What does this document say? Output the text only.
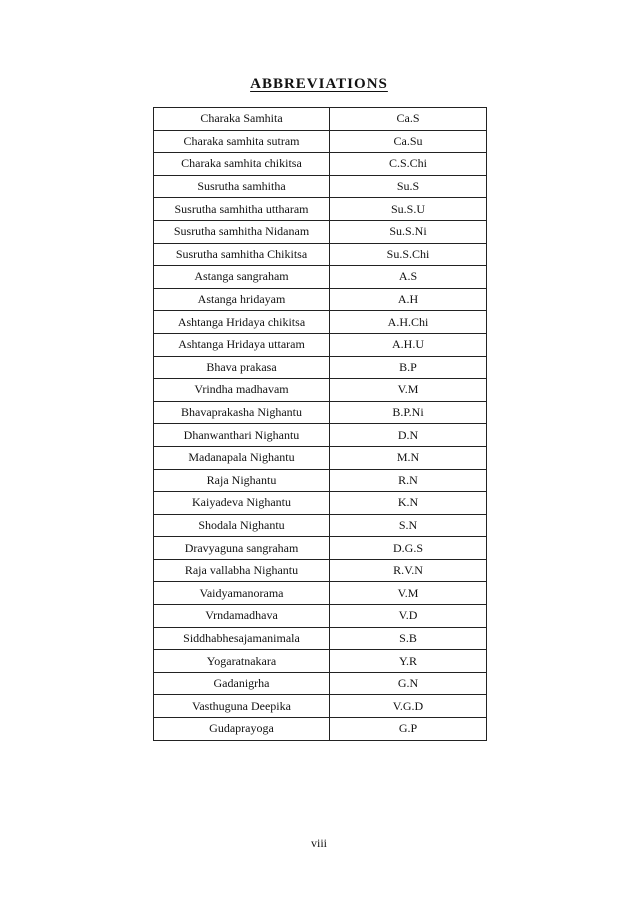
ABBREVIATIONS
Charaka Samhita	Ca.S
Charaka samhita sutram	Ca.Su
Charaka samhita chikitsa	C.S.Chi
Susrutha samhitha	Su.S
Susrutha samhitha uttharam	Su.S.U
Susrutha samhitha Nidanam	Su.S.Ni
Susrutha samhitha Chikitsa	Su.S.Chi
Astanga sangraham	A.S
Astanga hridayam	A.H
Ashtanga Hridaya chikitsa	A.H.Chi
Ashtanga Hridaya uttaram	A.H.U
Bhava prakasa	B.P
Vrindha madhavam	V.M
Bhavaprakasha Nighantu	B.P.Ni
Dhanwanthari Nighantu	D.N
Madanapala Nighantu	M.N
Raja Nighantu	R.N
Kaiyadeva Nighantu	K.N
Shodala Nighantu	S.N
Dravyaguna sangraham	D.G.S
Raja vallabha Nighantu	R.V.N
Vaidyamanorama	V.M
Vrndamadhava	V.D
Siddhabhesajamanimala	S.B
Yogaratnakara	Y.R
Gadanigrha	G.N
Vasthuguna Deepika	V.G.D
Gudaprayoga	G.P
viii
